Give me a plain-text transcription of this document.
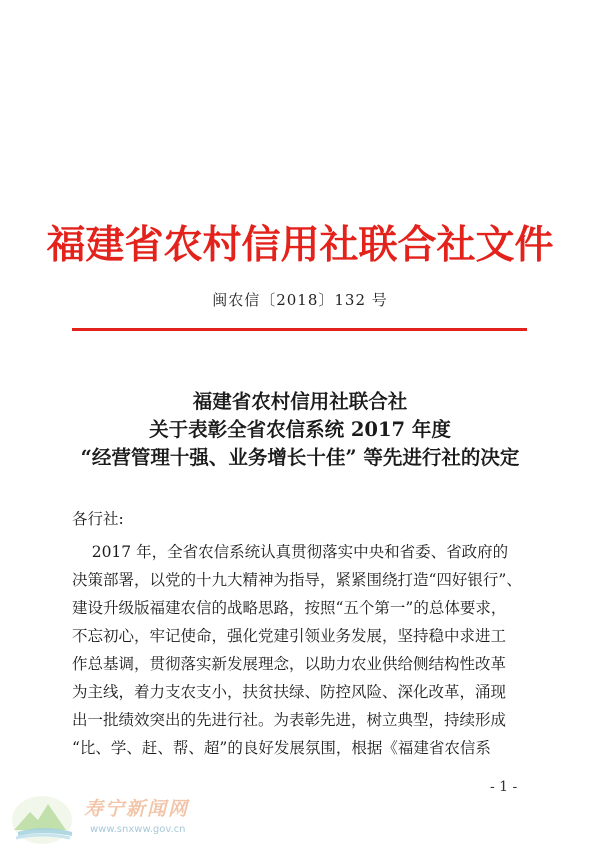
福建省农村信用社联合社文件
闽农信〔2018〕132 号
福建省农村信用社联合社
关于表彰全省农信系统 2017 年度
“经营管理十强、业务增长十佳” 等先进行社的决定
各行社:
2017 年，全省农信系统认真贯彻落实中央和省委、省政府的
决策部署，以党的十九大精神为指导，紧紧围绕打造“四好银行”、
建设升级版福建农信的战略思路，按照“五个第一”的总体要求，
不忘初心，牢记使命，强化党建引领业务发展，坚持稳中求进工
作总基调，贯彻落实新发展理念，以助力农业供给侧结构性改革
为主线，着力支农支小，扶贫扶绿、防控风险、深化改革，涌现
出一批绩效突出的先进行社。为表彰先进，树立典型，持续形成
“比、学、赶、帮、超”的良好发展氛围，根据《福建省农信系
- 1 -
寿宁新闻网
www.snxww.gov.cn
